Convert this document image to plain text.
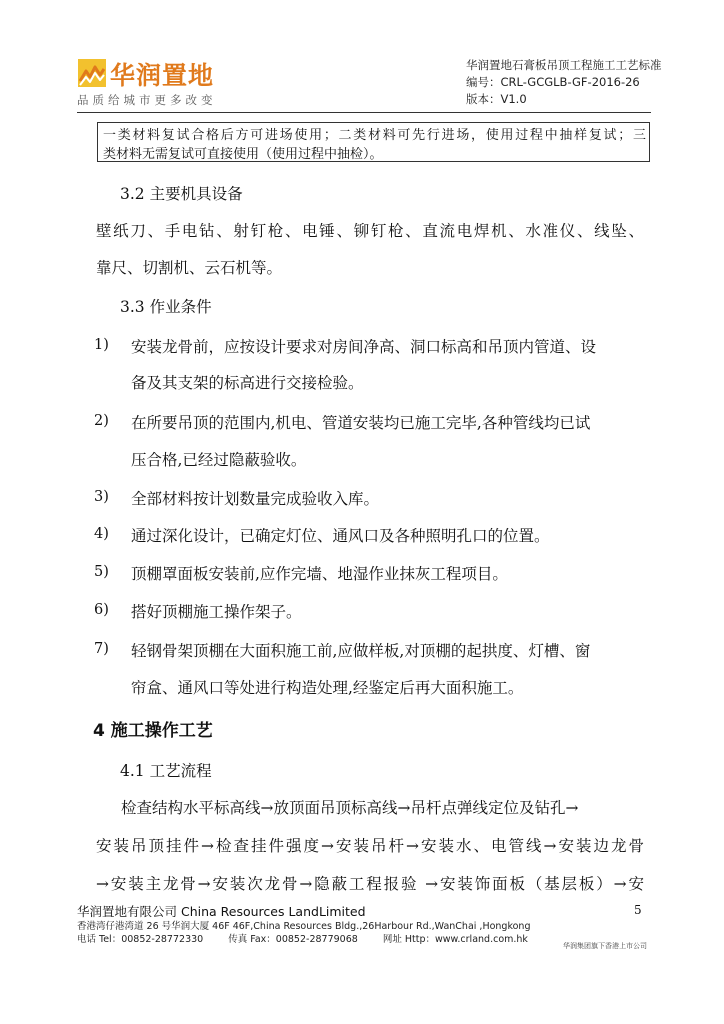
华润置地
品质给城市更多改变
华润置地石膏板吊顶工程施工工艺标准
编号：CRL-GCGLB-GF-2016-26
版本：V1.0
一类材料复试合格后方可进场使用；二类材料可先行进场，使用过程中抽样复试；三
类材料无需复试可直接使用（使用过程中抽检）。
3.2 主要机具设备
壁纸刀、手电钻、射钉枪、电锤、铆钉枪、直流电焊机、水准仪、线坠、
靠尺、切割机、云石机等。
3.3 作业条件
1) 安装龙骨前，应按设计要求对房间净高、洞口标高和吊顶内管道、设
备及其支架的标高进行交接检验。
2) 在所要吊顶的范围内,机电、管道安装均已施工完毕,各种管线均已试
压合格,已经过隐蔽验收。
3) 全部材料按计划数量完成验收入库。
4) 通过深化设计，已确定灯位、通风口及各种照明孔口的位置。
5) 顶棚罩面板安装前,应作完墙、地湿作业抹灰工程项目。
6) 搭好顶棚施工操作架子。
7) 轻钢骨架顶棚在大面积施工前,应做样板,对顶棚的起拱度、灯槽、窗
帘盒、通风口等处进行构造处理,经鉴定后再大面积施工。
4 施工操作工艺
4.1 工艺流程
检查结构水平标高线→放顶面吊顶标高线→吊杆点弹线定位及钻孔→
安装吊顶挂件→检查挂件强度→安装吊杆→安装水、电管线→安装边龙骨
→安装主龙骨→安装次龙骨→隐蔽工程报验 →安装饰面板（基层板）→安
华润置地有限公司 China Resources LandLimited
香港湾仔港湾道 26 号华润大厦 46F 46F,China Resources Bldg.,26Harbour Rd.,WanChai ,Hongkong
电话 Tel：00852-28772330	传真 Fax：00852-28779068	网址 Http：www.crland.com.hk
5
华润集团旗下香港上市公司
